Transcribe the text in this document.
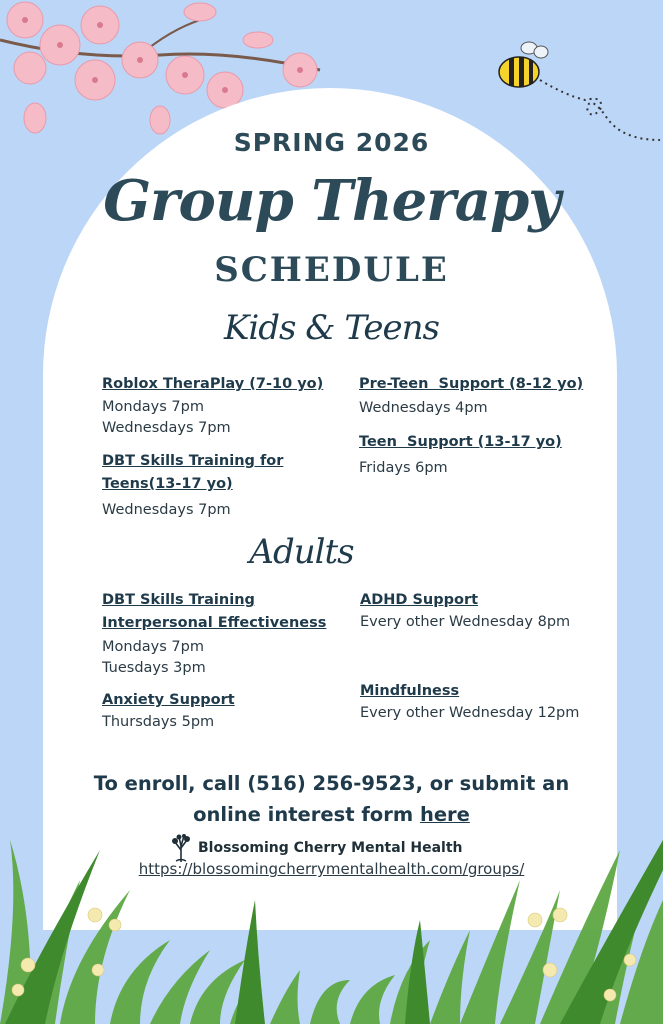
SPRING 2026
Group Therapy
SCHEDULE
Kids & Teens
Roblox TheraPlay (7-10 yo)
Mondays 7pm
Wednesdays 7pm
DBT Skills Training for
Teens(13-17 yo)
Wednesdays 7pm
Pre-Teen  Support (8-12 yo)
Wednesdays 4pm
Teen  Support (13-17 yo)
Fridays 6pm
Adults
DBT Skills Training
Interpersonal Effectiveness
Mondays 7pm
Tuesdays 3pm
Anxiety Support
Thursdays 5pm
ADHD Support
Every other Wednesday 8pm
Mindfulness
Every other Wednesday 12pm
To enroll, call (516) 256-9523, or submit an
online interest form here
Blossoming Cherry Mental Health
https://blossomingcherrymentalhealth.com/groups/
